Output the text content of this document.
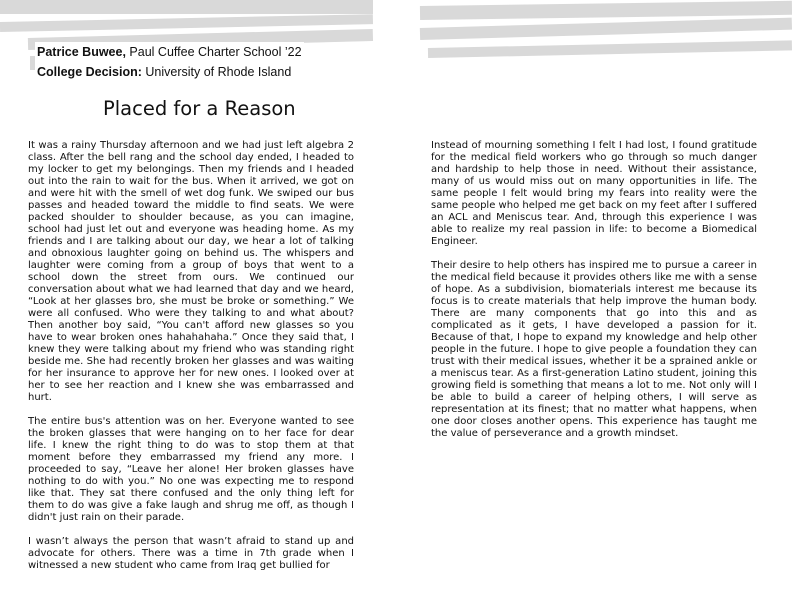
Patrice Buwee, Paul Cuffee Charter School ’22
College Decision: University of Rhode Island
Placed for a Reason

It was a rainy Thursday afternoon and we had just left algebra 2 class. After the bell rang and the school day ended, I headed to my locker to get my belongings. Then my friends and I headed out into the rain to wait for the bus. When it arrived, we got on and were hit with the smell of wet dog funk. We swiped our bus passes and headed toward the middle to find seats. We were packed shoulder to shoulder because, as you can imagine, school had just let out and everyone was heading home. As my friends and I are talking about our day, we hear a lot of talking and obnoxious laughter going on behind us. The whispers and laughter were coming from a group of boys that went to a school down the street from ours. We continued our conversation about what we had learned that day and we heard, “Look at her glasses bro, she must be broke or something.” We were all confused. Who were they talking to and what about? Then another boy said, “You can't afford new glasses so you have to wear broken ones hahahahaha.” Once they said that, I knew they were talking about my friend who was standing right beside me. She had recently broken her glasses and was waiting for her insurance to approve her for new ones. I looked over at her to see her reaction and I knew she was embarrassed and hurt.

The entire bus's attention was on her. Everyone wanted to see the broken glasses that were hanging on to her face for dear life. I knew the right thing to do was to stop them at that moment before they embarrassed my friend any more. I proceeded to say, “Leave her alone! Her broken glasses have nothing to do with you.” No one was expecting me to respond like that. They sat there confused and the only thing left for them to do was give a fake laugh and shrug me off, as though I didn't just rain on their parade.

I wasn’t always the person that wasn’t afraid to stand up and advocate for others. There was a time in 7th grade when I witnessed a new student who came from Iraq get bullied for

Instead of mourning something I felt I had lost, I found gratitude for the medical field workers who go through so much danger and hardship to help those in need. Without their assistance, many of us would miss out on many opportunities in life. The same people I felt would bring my fears into reality were the same people who helped me get back on my feet after I suffered an ACL and Meniscus tear. And, through this experience I was able to realize my real passion in life: to become a Biomedical Engineer.

Their desire to help others has inspired me to pursue a career in the medical field because it provides others like me with a sense of hope. As a subdivision, biomaterials interest me because its focus is to create materials that help improve the human body. There are many components that go into this and as complicated as it gets, I have developed a passion for it. Because of that, I hope to expand my knowledge and help other people in the future. I hope to give people a foundation they can trust with their medical issues, whether it be a sprained ankle or a meniscus tear. As a first-generation Latino student, joining this growing field is something that means a lot to me. Not only will I be able to build a career of helping others, I will serve as representation at its finest; that no matter what happens, when one door closes another opens. This experience has taught me the value of perseverance and a growth mindset.
